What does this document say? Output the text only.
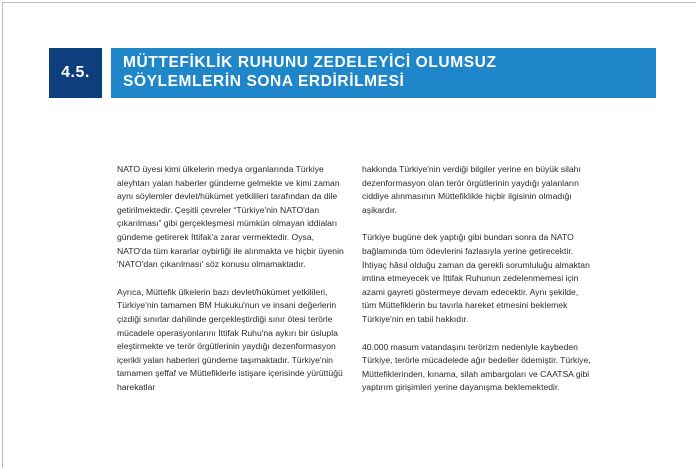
4.5.
MÜTTEFİKLİK RUHUNU ZEDELEYİCİ OLUMSUZ
SÖYLEMLERİN SONA ERDİRİLMESİ

NATO üyesi kimi ülkelerin medya organlarında Türkiye aleyhtarı yalan haberler gündeme gelmekte ve kimi zaman aynı söylemler devlet/hükümet yetkilileri tarafından da dile getirilmektedir. Çeşitli çevreler “Türkiye'nin NATO'dan çıkarılması” gibi gerçekleşmesi mümkün olmayan iddiaları gündeme getirerek İttifak'a zarar vermektedir. Oysa, NATO'da tüm kararlar oybirliği ile alınmakta ve hiçbir üyenin 'NATO'dan çıkarılması' söz konusu olmamaktadır.

Ayrıca, Müttefik ülkelerin bazı devlet/hükümet yetkilileri, Türkiye'nin tamamen BM Hukuku'nun ve insani değerlerin çizdiği sınırlar dahilinde gerçekleştirdiği sınır ötesi terörle mücadele operasyonlarını İttifak Ruhu'na aykırı bir üslupla eleştirmekte ve terör örgütlerinin yaydığı dezenformasyon içerikli yalan haberleri gündeme taşımaktadır. Türkiye'nin tamamen şeffaf ve Müttefiklerle istişare içerisinde yürüttüğü harekatlar

hakkında Türkiye'nin verdiği bilgiler yerine en büyük silahı dezenformasyon olan terör örgütlerinin yaydığı yalanların ciddiye alınmasının Müttefiklikle hiçbir ilgisinin olmadığı aşikardır.

Türkiye bugüne dek yaptığı gibi bundan sonra da NATO bağlamında tüm ödevlerini fazlasıyla yerine getirecektir. İhtiyaç hâsıl olduğu zaman da gerekli sorumluluğu almaktan imtina etmeyecek ve İttifak Ruhunun zedelenmemesi için azami gayreti göstermeye devam edecektir. Aynı şekilde, tüm Müttefiklerin bu tavırla hareket etmesini beklemek Türkiye'nin en tabii hakkıdır.

40.000 masum vatandaşını terörizm nedeniyle kaybeden Türkiye, terörle mücadelede ağır bedeller ödemiştir. Türkiye, Müttefiklerinden, kınama, silah ambargoları ve CAATSA gibi yaptırım girişimleri yerine dayanışma beklemektedir.
